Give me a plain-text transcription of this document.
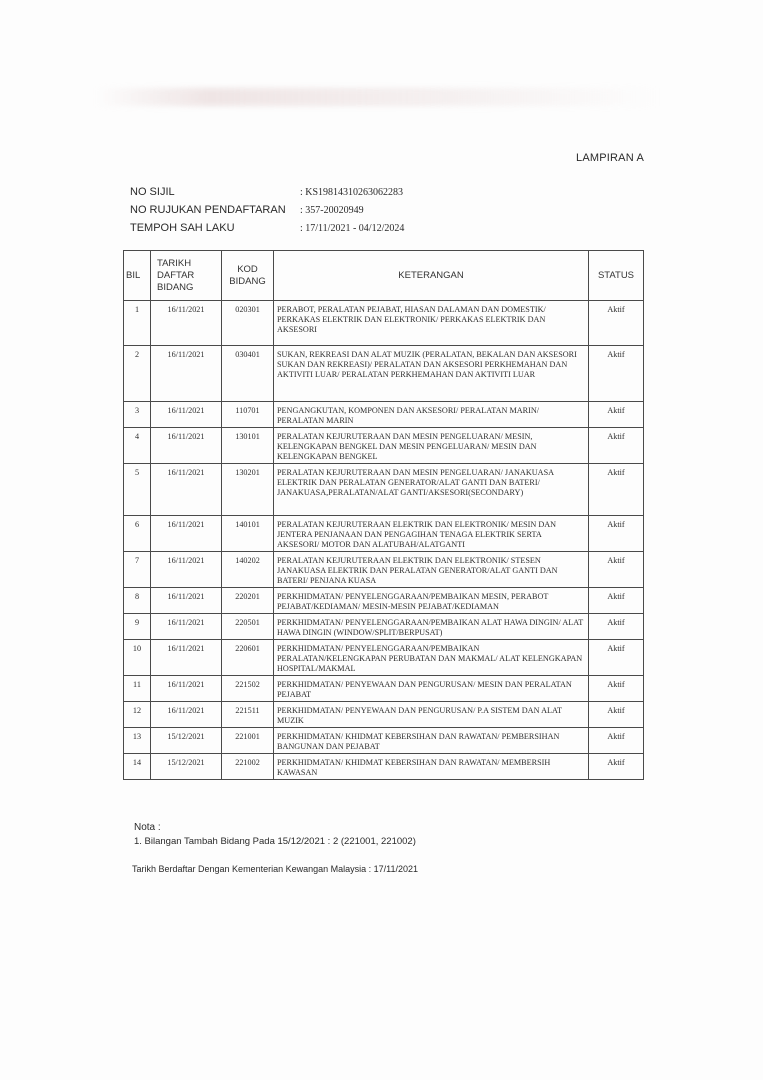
LAMPIRAN A
NO SIJIL	: KS19814310263062283
NO RUJUKAN PENDAFTARAN	: 357-20020949
TEMPOH SAH LAKU	: 17/11/2021 - 04/12/2024
BIL	TARIKH DAFTAR BIDANG	KOD BIDANG	KETERANGAN	STATUS
1	16/11/2021	020301	PERABOT, PERALATAN PEJABAT, HIASAN DALAMAN DAN DOMESTIK/ PERKAKAS ELEKTRIK DAN ELEKTRONIK/ PERKAKAS ELEKTRIK DAN AKSESORI	Aktif
2	16/11/2021	030401	SUKAN, REKREASI DAN ALAT MUZIK (PERALATAN, BEKALAN DAN AKSESORI SUKAN DAN REKREASI)/ PERALATAN DAN AKSESORI PERKHEMAHAN DAN AKTIVITI LUAR/ PERALATAN PERKHEMAHAN DAN AKTIVITI LUAR	Aktif
3	16/11/2021	110701	PENGANGKUTAN, KOMPONEN DAN AKSESORI/ PERALATAN MARIN/ PERALATAN MARIN	Aktif
4	16/11/2021	130101	PERALATAN KEJURUTERAAN DAN MESIN PENGELUARAN/ MESIN, KELENGKAPAN BENGKEL DAN MESIN PENGELUARAN/ MESIN DAN KELENGKAPAN BENGKEL	Aktif
5	16/11/2021	130201	PERALATAN KEJURUTERAAN DAN MESIN PENGELUARAN/ JANAKUASA ELEKTRIK DAN PERALATAN GENERATOR/ALAT GANTI DAN BATERI/ JANAKUASA,PERALATAN/ALAT GANTI/AKSESORI(SECONDARY)	Aktif
6	16/11/2021	140101	PERALATAN KEJURUTERAAN ELEKTRIK DAN ELEKTRONIK/ MESIN DAN JENTERA PENJANAAN DAN PENGAGIHAN TENAGA ELEKTRIK SERTA AKSESORI/ MOTOR DAN ALATUBAH/ALATGANTI	Aktif
7	16/11/2021	140202	PERALATAN KEJURUTERAAN ELEKTRIK DAN ELEKTRONIK/ STESEN JANAKUASA ELEKTRIK DAN PERALATAN GENERATOR/ALAT GANTI DAN BATERI/ PENJANA KUASA	Aktif
8	16/11/2021	220201	PERKHIDMATAN/ PENYELENGGARAAN/PEMBAIKAN MESIN, PERABOT PEJABAT/KEDIAMAN/ MESIN-MESIN PEJABAT/KEDIAMAN	Aktif
9	16/11/2021	220501	PERKHIDMATAN/ PENYELENGGARAAN/PEMBAIKAN ALAT HAWA DINGIN/ ALAT HAWA DINGIN (WINDOW/SPLIT/BERPUSAT)	Aktif
10	16/11/2021	220601	PERKHIDMATAN/ PENYELENGGARAAN/PEMBAIKAN PERALATAN/KELENGKAPAN PERUBATAN DAN MAKMAL/ ALAT KELENGKAPAN HOSPITAL/MAKMAL	Aktif
11	16/11/2021	221502	PERKHIDMATAN/ PENYEWAAN DAN PENGURUSAN/ MESIN DAN PERALATAN PEJABAT	Aktif
12	16/11/2021	221511	PERKHIDMATAN/ PENYEWAAN DAN PENGURUSAN/ P.A SISTEM DAN ALAT MUZIK	Aktif
13	15/12/2021	221001	PERKHIDMATAN/ KHIDMAT KEBERSIHAN DAN RAWATAN/ PEMBERSIHAN BANGUNAN DAN PEJABAT	Aktif
14	15/12/2021	221002	PERKHIDMATAN/ KHIDMAT KEBERSIHAN DAN RAWATAN/ MEMBERSIH KAWASAN	Aktif
Nota :
1. Bilangan Tambah Bidang Pada 15/12/2021 : 2 (221001, 221002)
Tarikh Berdaftar Dengan Kementerian Kewangan Malaysia : 17/11/2021
